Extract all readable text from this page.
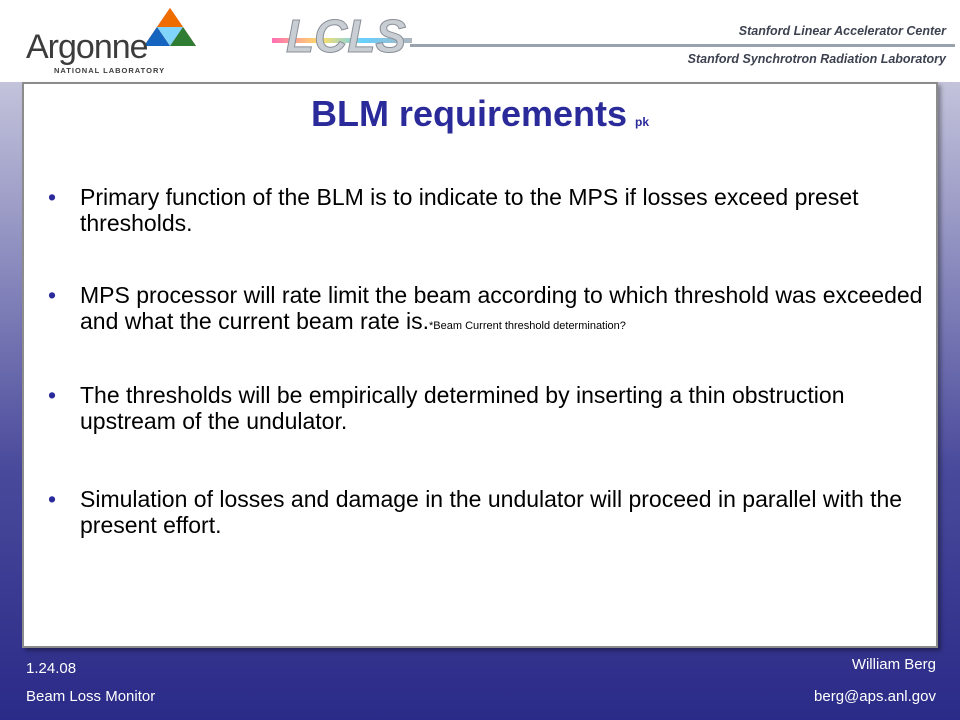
Argonne
NATIONAL LABORATORY
LCLS	Stanford Linear Accelerator Center
Stanford Synchrotron Radiation Laboratory
BLM requirements pk
• Primary function of the BLM is to indicate to the MPS if losses exceed preset thresholds.
• MPS processor will rate limit the beam according to which threshold was exceeded and what the current beam rate is.*Beam Current threshold determination?
• The thresholds will be empirically determined by inserting a thin obstruction upstream of the undulator.
• Simulation of losses and damage in the undulator will proceed in parallel with the present effort.
1.24.08
Beam Loss Monitor
William Berg
berg@aps.anl.gov
